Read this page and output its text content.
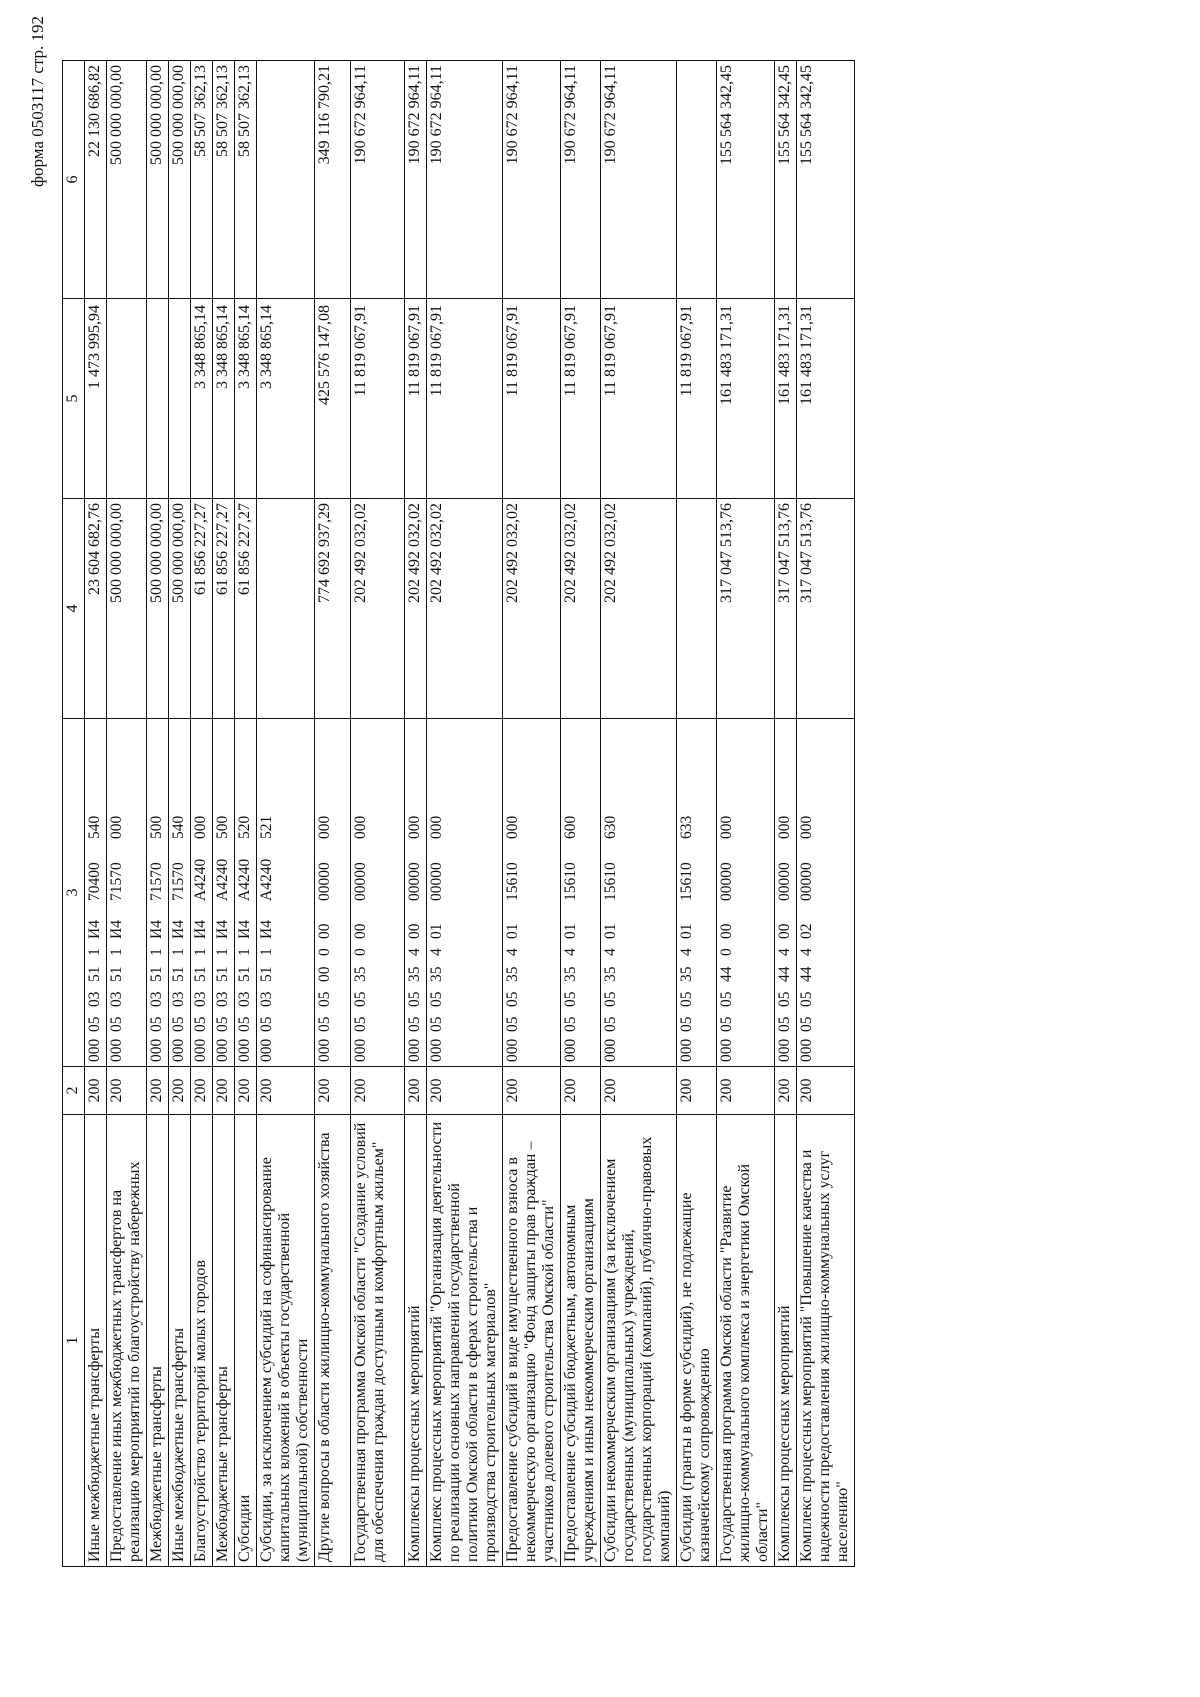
форма 0503117 стр. 192
1	2	3	4	5	6
Иные межбюджетные трансферты	200	0000503511И470400540	23 604 682,76	1 473 995,94	22 130 686,82
Предоставление иных межбюджетных трансфертов на реализацию мероприятий по благоустройству набережных	200	0000503511И471570000	500 000 000,00		500 000 000,00
Межбюджетные трансферты	200	0000503511И471570500	500 000 000,00		500 000 000,00
Иные межбюджетные трансферты	200	0000503511И471570540	500 000 000,00		500 000 000,00
Благоустройство территорий малых городов	200	0000503511И4А4240000	61 856 227,27	3 348 865,14	58 507 362,13
Межбюджетные трансферты	200	0000503511И4А4240500	61 856 227,27	3 348 865,14	58 507 362,13
Субсидии	200	0000503511И4А4240520	61 856 227,27	3 348 865,14	58 507 362,13
Субсидии, за исключением субсидий на софинансирование капитальных вложений в объекты государственной (муниципальной) собственности	200	0000503511И4А4240521		3 348 865,14	
Другие вопросы в области жилищно-коммунального хозяйства	200	00005050000000000000	774 692 937,29	425 576 147,08	349 116 790,21
Государственная программа Омской области "Создание условий для обеспечения граждан доступным и комфортным жильем"	200	00005053500000000000	202 492 032,02	11 819 067,91	190 672 964,11
Комплексы процессных мероприятий	200	00005053540000000000	202 492 032,02	11 819 067,91	190 672 964,11
Комплекс процессных мероприятий "Организация деятельности по реализации основных направлений государственной политики Омской области в сферах строительства и производства строительных материалов"	200	00005053540100000000	202 492 032,02	11 819 067,91	190 672 964,11
Предоставление субсидий в виде имущественного взноса в некоммерческую организацию "Фонд защиты прав граждан – участников долевого строительства Омской области"	200	00005053540115610000	202 492 032,02	11 819 067,91	190 672 964,11
Предоставление субсидий бюджетным, автономным учреждениям и иным некоммерческим организациям	200	00005053540115610600	202 492 032,02	11 819 067,91	190 672 964,11
Субсидии некоммерческим организациям (за исключением государственных (муниципальных) учреждений, государственных корпораций (компаний), публично-правовых компаний)	200	00005053540115610630	202 492 032,02	11 819 067,91	190 672 964,11
Субсидии (гранты в форме субсидий), не подлежащие казначейскому сопровождению	200	00005053540115610633		11 819 067,91	
Государственная программа Омской области "Развитие жилищно-коммунального комплекса и энергетики Омской области"	200	00005054400000000000	317 047 513,76	161 483 171,31	155 564 342,45
Комплексы процессных мероприятий	200	00005054440000000000	317 047 513,76	161 483 171,31	155 564 342,45
Комплекс процессных мероприятий "Повышение качества и надежности предоставления жилищно-коммунальных услуг населению"	200	00005054440200000000	317 047 513,76	161 483 171,31	155 564 342,45
